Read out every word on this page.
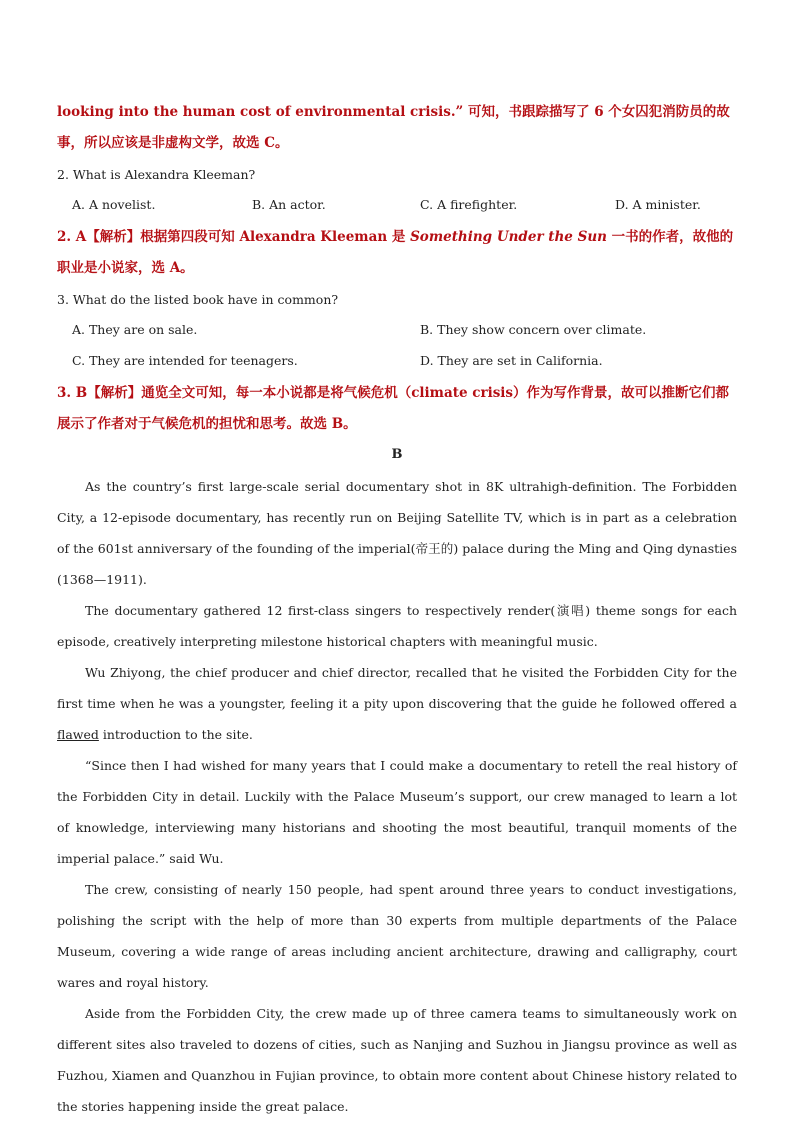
looking into the human cost of environmental crisis.” 可知，书跟踪描写了 6 个女囚犯消防员的故事，所以应该是非虚构文学，故选 C。
2. What is Alexandra Kleeman?
A. A novelist.	B. An actor.	C. A firefighter.	D. A minister.
2. A【解析】根据第四段可知 Alexandra Kleeman 是 Something Under the Sun 一书的作者，故他的职业是小说家，选 A。
3. What do the listed book have in common?
A. They are on sale.	B. They show concern over climate.
C. They are intended for teenagers.	D. They are set in California.
3. B【解析】通览全文可知，每一本小说都是将气候危机（climate crisis）作为写作背景，故可以推断它们都展示了作者对于气候危机的担忧和思考。故选 B。
B

As the country’s first large-scale serial documentary shot in 8K ultrahigh-definition. The Forbidden City, a 12-episode documentary, has recently run on Beijing Satellite TV, which is in part as a celebration of the 601st anniversary of the founding of the imperial(帝王的) palace during the Ming and Qing dynasties (1368—1911).

The documentary gathered 12 first-class singers to respectively render(演唱) theme songs for each episode, creatively interpreting milestone historical chapters with meaningful music.

Wu Zhiyong, the chief producer and chief director, recalled that he visited the Forbidden City for the first time when he was a youngster, feeling it a pity upon discovering that the guide he followed offered a flawed introduction to the site.

“Since then I had wished for many years that I could make a documentary to retell the real history of the Forbidden City in detail. Luckily with the Palace Museum’s support, our crew managed to learn a lot of knowledge, interviewing many historians and shooting the most beautiful, tranquil moments of the imperial palace.” said Wu.

The crew, consisting of nearly 150 people, had spent around three years to conduct investigations, polishing the script with the help of more than 30 experts from multiple departments of the Palace Museum, covering a wide range of areas including ancient architecture, drawing and calligraphy, court wares and royal history.

Aside from the Forbidden City, the crew made up of three camera teams to simultaneously work on different sites also traveled to dozens of cities, such as Nanjing and Suzhou in Jiangsu province as well as Fuzhou, Xiamen and Quanzhou in Fujian province, to obtain more content about Chinese history related to the stories happening inside the great palace.
